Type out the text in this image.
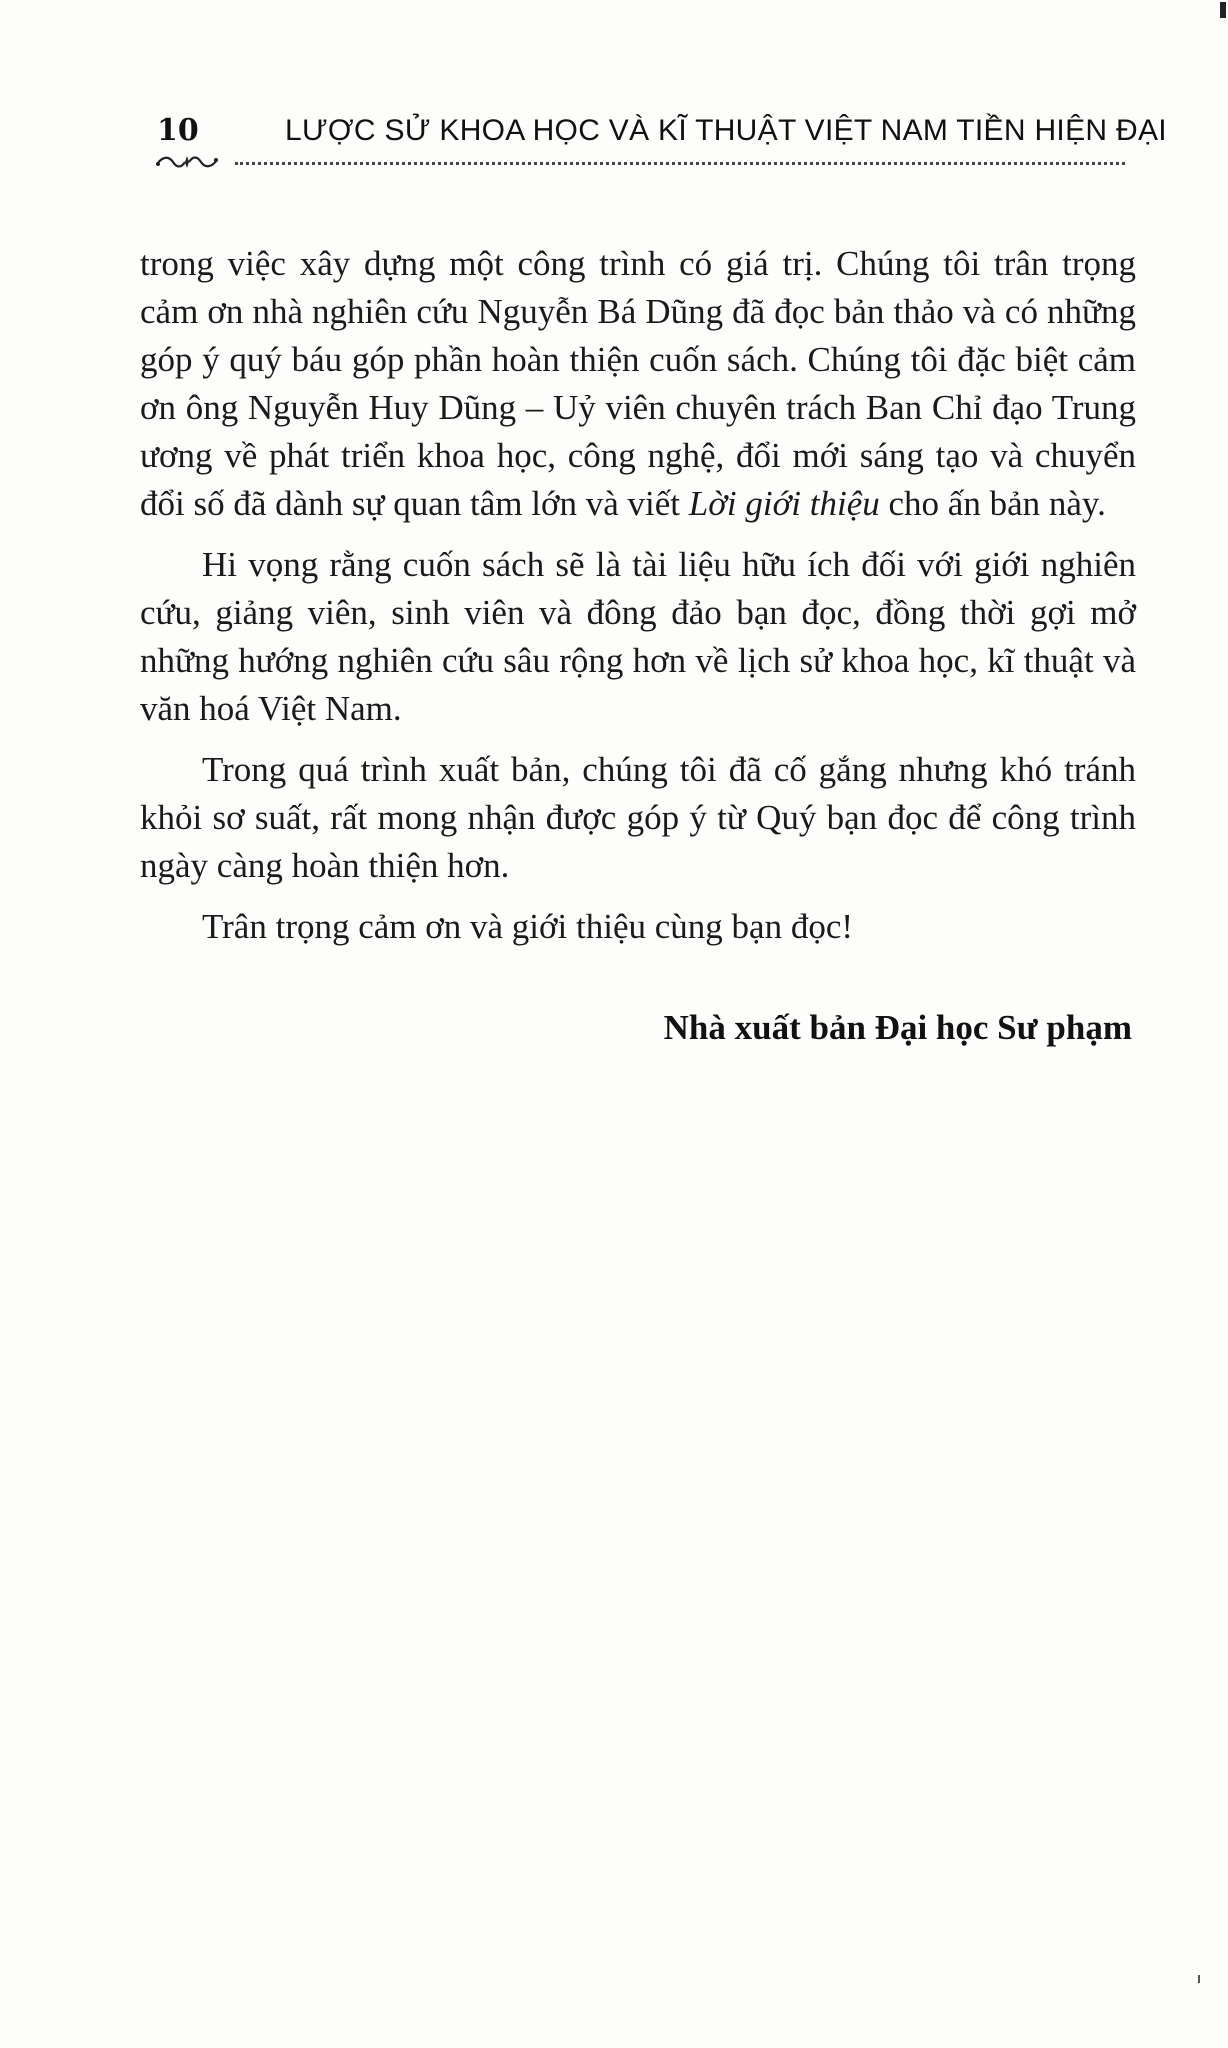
10	LƯỢC SỬ KHOA HỌC VÀ KĨ THUẬT VIỆT NAM TIỀN HIỆN ĐẠI

trong việc xây dựng một công trình có giá trị. Chúng tôi trân trọng cảm ơn nhà nghiên cứu Nguyễn Bá Dũng đã đọc bản thảo và có những góp ý quý báu góp phần hoàn thiện cuốn sách. Chúng tôi đặc biệt cảm ơn ông Nguyễn Huy Dũng – Uỷ viên chuyên trách Ban Chỉ đạo Trung ương về phát triển khoa học, công nghệ, đổi mới sáng tạo và chuyển đổi số đã dành sự quan tâm lớn và viết Lời giới thiệu cho ấn bản này.

Hi vọng rằng cuốn sách sẽ là tài liệu hữu ích đối với giới nghiên cứu, giảng viên, sinh viên và đông đảo bạn đọc, đồng thời gợi mở những hướng nghiên cứu sâu rộng hơn về lịch sử khoa học, kĩ thuật và văn hoá Việt Nam.

Trong quá trình xuất bản, chúng tôi đã cố gắng nhưng khó tránh khỏi sơ suất, rất mong nhận được góp ý từ Quý bạn đọc để công trình ngày càng hoàn thiện hơn.

Trân trọng cảm ơn và giới thiệu cùng bạn đọc!

Nhà xuất bản Đại học Sư phạm
